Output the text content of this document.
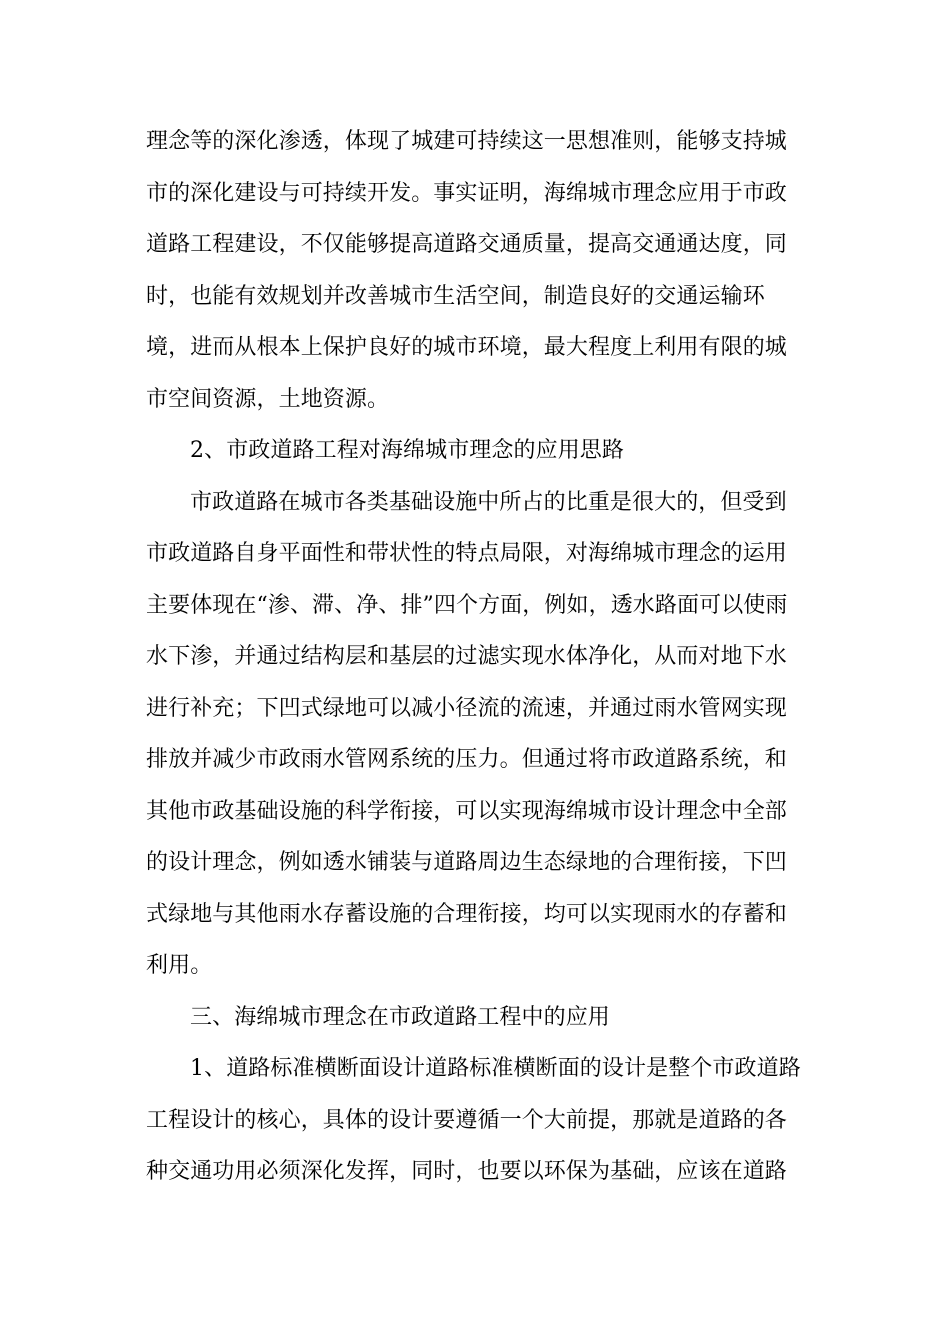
理念等的深化渗透，体现了城建可持续这一思想准则，能够支持城
市的深化建设与可持续开发。事实证明，海绵城市理念应用于市政
道路工程建设，不仅能够提高道路交通质量，提高交通通达度，同
时，也能有效规划并改善城市生活空间，制造良好的交通运输环
境，进而从根本上保护良好的城市环境，最大程度上利用有限的城
市空间资源，土地资源。
2、市政道路工程对海绵城市理念的应用思路
市政道路在城市各类基础设施中所占的比重是很大的，但受到
市政道路自身平面性和带状性的特点局限，对海绵城市理念的运用
主要体现在“渗、滞、净、排”四个方面，例如，透水路面可以使雨
水下渗，并通过结构层和基层的过滤实现水体净化，从而对地下水
进行补充；下凹式绿地可以减小径流的流速，并通过雨水管网实现
排放并减少市政雨水管网系统的压力。但通过将市政道路系统，和
其他市政基础设施的科学衔接，可以实现海绵城市设计理念中全部
的设计理念，例如透水铺装与道路周边生态绿地的合理衔接，下凹
式绿地与其他雨水存蓄设施的合理衔接，均可以实现雨水的存蓄和
利用。
三、海绵城市理念在市政道路工程中的应用
1、道路标准横断面设计道路标准横断面的设计是整个市政道路
工程设计的核心，具体的设计要遵循一个大前提，那就是道路的各
种交通功用必须深化发挥，同时，也要以环保为基础，应该在道路
